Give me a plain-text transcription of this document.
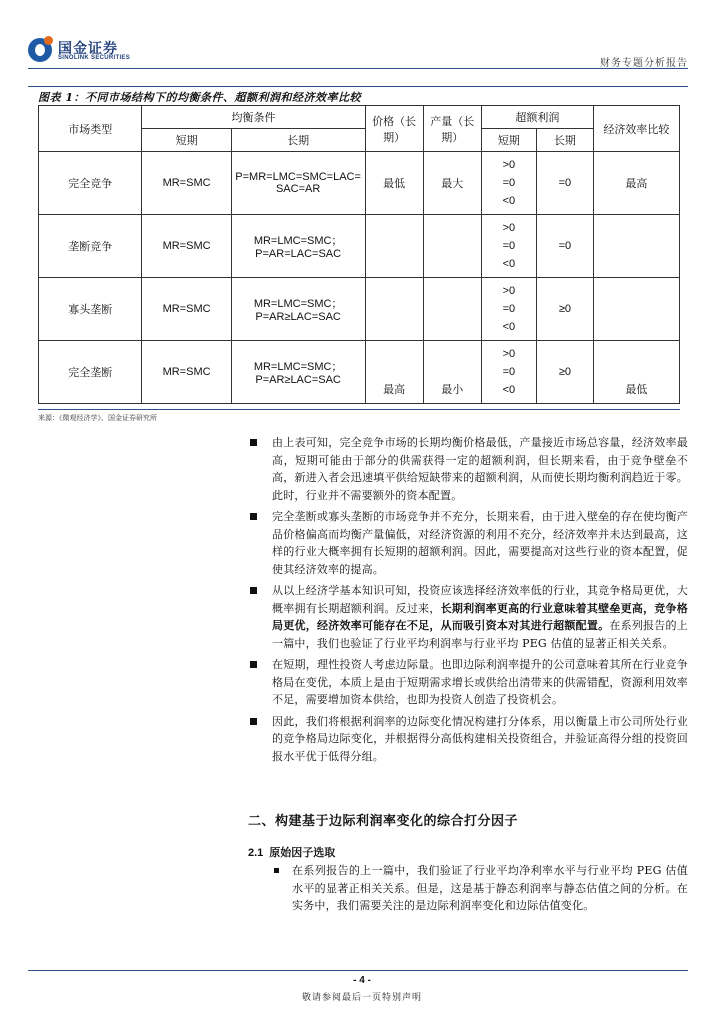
国金证券
SINOLINK SECURITIES	财务专题分析报告
图表 1：不同市场结构下的均衡条件、超额利润和经济效率比较
市场类型	均衡条件		价格（长期）	产量（长期）	超额利润		经济效率比较
	短期	长期			短期	长期	
完全竞争	MR=SMC	P=MR=LMC=SMC=LAC=SAC=AR	最低	最大	>0
=0
<0	=0	最高
垄断竞争	MR=SMC	MR=LMC=SMC；P=AR=LAC=SAC			>0
=0
<0	=0	
寡头垄断	MR=SMC	MR=LMC=SMC；P=AR≥LAC=SAC			>0
=0
<0	≥0	
完全垄断	MR=SMC	MR=LMC=SMC；P=AR≥LAC=SAC	最高	最小	>0
=0
<0	≥0	最低
来源：《微观经济学》、国金证券研究所
由上表可知，完全竞争市场的长期均衡价格最低，产量接近市场总容量，经济效率最高，短期可能由于部分的供需获得一定的超额利润，但长期来看，由于竞争壁垒不高，新进入者会迅速填平供给短缺带来的超额利润，从而使长期均衡利润趋近于零。此时，行业并不需要额外的资本配置。
完全垄断或寡头垄断的市场竞争并不充分，长期来看，由于进入壁垒的存在使均衡产品价格偏高而均衡产量偏低，对经济资源的利用不充分，经济效率并未达到最高，这样的行业大概率拥有长短期的超额利润。因此，需要提高对这些行业的资本配置，促使其经济效率的提高。
从以上经济学基本知识可知，投资应该选择经济效率低的行业，其竞争格局更优，大概率拥有长期超额利润。反过来，长期利润率更高的行业意味着其壁垒更高，竞争格局更优，经济效率可能存在不足，从而吸引资本对其进行超额配置。在系列报告的上一篇中，我们也验证了行业平均利润率与行业平均 PEG 估值的显著正相关关系。
在短期，理性投资人考虑边际量。也即边际利润率提升的公司意味着其所在行业竞争格局在变优，本质上是由于短期需求增长或供给出清带来的供需错配，资源利用效率不足，需要增加资本供给，也即为投资人创造了投资机会。
因此，我们将根据利润率的边际变化情况构建打分体系，用以衡量上市公司所处行业的竞争格局边际变化，并根据得分高低构建相关投资组合，并验证高得分组的投资回报水平优于低得分组。
二、构建基于边际利润率变化的综合打分因子
2.1 原始因子选取
在系列报告的上一篇中，我们验证了行业平均净利率水平与行业平均 PEG 估值水平的显著正相关关系。但是，这是基于静态利润率与静态估值之间的分析。在实务中，我们需要关注的是边际利润率变化和边际估值变化。
- 4 -
敬请参阅最后一页特别声明
